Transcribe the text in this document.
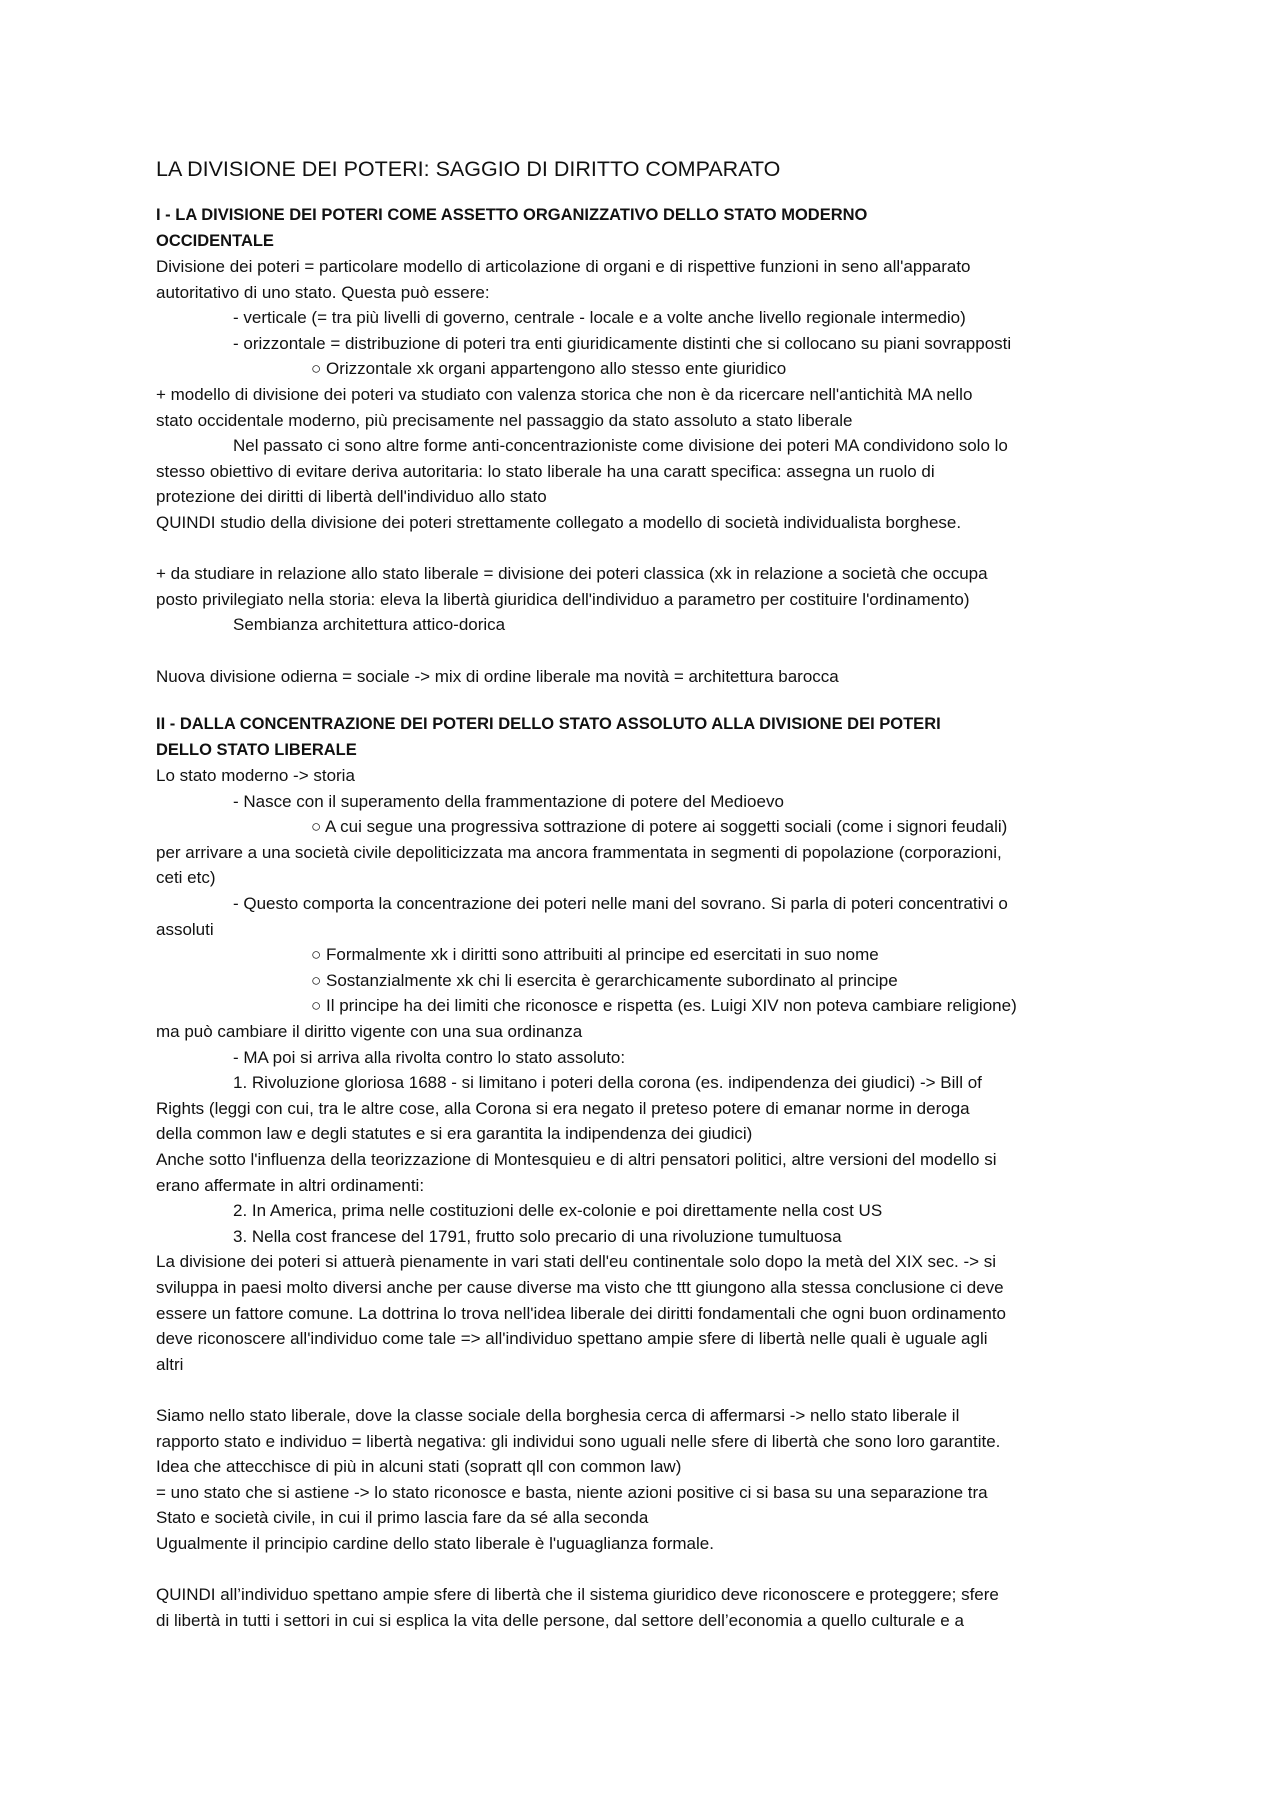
LA DIVISIONE DEI POTERI: SAGGIO DI DIRITTO COMPARATO
I - LA DIVISIONE DEI POTERI COME ASSETTO ORGANIZZATIVO DELLO STATO MODERNO
OCCIDENTALE
Divisione dei poteri = particolare modello di articolazione di organi e di rispettive funzioni in seno all'apparato
autoritativo di uno stato. Questa può essere:
- verticale (= tra più livelli di governo, centrale - locale e a volte anche livello regionale intermedio)
- orizzontale = distribuzione di poteri tra enti giuridicamente distinti che si collocano su piani sovrapposti
○ Orizzontale xk organi appartengono allo stesso ente giuridico
+ modello di divisione dei poteri va studiato con valenza storica che non è da ricercare nell'antichità MA nello
stato occidentale moderno, più precisamente nel passaggio da stato assoluto a stato liberale
Nel passato ci sono altre forme anti-concentrazioniste come divisione dei poteri MA condividono solo lo
stesso obiettivo di evitare deriva autoritaria: lo stato liberale ha una caratt specifica: assegna un ruolo di
protezione dei diritti di libertà dell'individuo allo stato
QUINDI studio della divisione dei poteri strettamente collegato a modello di società individualista borghese.
+ da studiare in relazione allo stato liberale = divisione dei poteri classica (xk in relazione a società che occupa
posto privilegiato nella storia: eleva la libertà giuridica dell'individuo a parametro per costituire l'ordinamento)
Sembianza architettura attico-dorica
Nuova divisione odierna = sociale -> mix di ordine liberale ma novità = architettura barocca
II - DALLA CONCENTRAZIONE DEI POTERI DELLO STATO ASSOLUTO ALLA DIVISIONE DEI POTERI
DELLO STATO LIBERALE
Lo stato moderno -> storia
- Nasce con il superamento della frammentazione di potere del Medioevo
○ A cui segue una progressiva sottrazione di potere ai soggetti sociali (come i signori feudali)
per arrivare a una società civile depoliticizzata ma ancora frammentata in segmenti di popolazione (corporazioni,
ceti etc)
- Questo comporta la concentrazione dei poteri nelle mani del sovrano. Si parla di poteri concentrativi o
assoluti
○ Formalmente xk i diritti sono attribuiti al principe ed esercitati in suo nome
○ Sostanzialmente xk chi li esercita è gerarchicamente subordinato al principe
○ Il principe ha dei limiti che riconosce e rispetta (es. Luigi XIV non poteva cambiare religione)
ma può cambiare il diritto vigente con una sua ordinanza
- MA poi si arriva alla rivolta contro lo stato assoluto:
1. Rivoluzione gloriosa 1688 - si limitano i poteri della corona (es. indipendenza dei giudici) -> Bill of
Rights (leggi con cui, tra le altre cose, alla Corona si era negato il preteso potere di emanar norme in deroga
della common law e degli statutes e si era garantita la indipendenza dei giudici)
Anche sotto l'influenza della teorizzazione di Montesquieu e di altri pensatori politici, altre versioni del modello si
erano affermate in altri ordinamenti:
2. In America, prima nelle costituzioni delle ex-colonie e poi direttamente nella cost US
3. Nella cost francese del 1791, frutto solo precario di una rivoluzione tumultuosa
La divisione dei poteri si attuerà pienamente in vari stati dell'eu continentale solo dopo la metà del XIX sec. -> si
sviluppa in paesi molto diversi anche per cause diverse ma visto che ttt giungono alla stessa conclusione ci deve
essere un fattore comune. La dottrina lo trova nell'idea liberale dei diritti fondamentali che ogni buon ordinamento
deve riconoscere all'individuo come tale => all'individuo spettano ampie sfere di libertà nelle quali è uguale agli
altri
Siamo nello stato liberale, dove la classe sociale della borghesia cerca di affermarsi -> nello stato liberale il
rapporto stato e individuo = libertà negativa: gli individui sono uguali nelle sfere di libertà che sono loro garantite.
Idea che attecchisce di più in alcuni stati (sopratt qll con common law)
= uno stato che si astiene -> lo stato riconosce e basta, niente azioni positive ci si basa su una separazione tra
Stato e società civile, in cui il primo lascia fare da sé alla seconda
Ugualmente il principio cardine dello stato liberale è l'uguaglianza formale.
QUINDI all’individuo spettano ampie sfere di libertà che il sistema giuridico deve riconoscere e proteggere; sfere
di libertà in tutti i settori in cui si esplica la vita delle persone, dal settore dell’economia a quello culturale e a
